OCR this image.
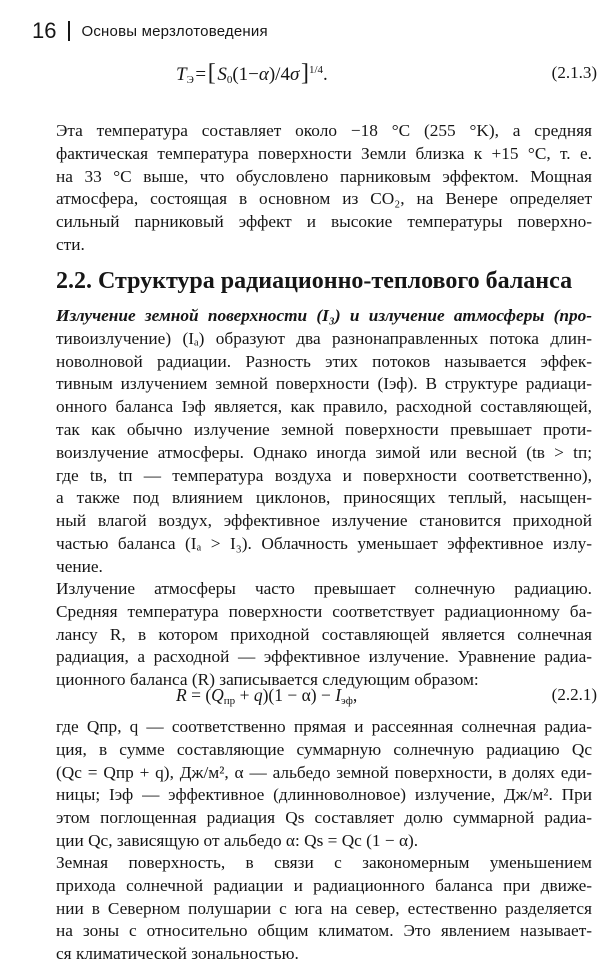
16 Основы мерзлотоведения
$T_Э$ = [ $S_0(1-\alpha)/4\sigma$ ]$^{1/4}$.	(2.1.3)
Эта температура составляет около −18 °C (255 °K), а средняя
фактическая температура поверхности Земли близка к +15 °C, т. е.
на 33 °C выше, что обусловлено парниковым эффектом. Мощная
атмосфера, состоящая в основном из CO₂, на Венере определяет
сильный парниковый эффект и высокие температуры поверхно-
сти.
2.2. Структура радиационно-теплового баланса
Излучение земной поверхности (I₃) и излучение атмосферы (про-
тивоизлучение) (Iₐ) образуют два разнонаправленных потока длин-
новолновой радиации. Разность этих потоков называется эффек-
тивным излучением земной поверхности (Iэф). В структуре радиаци-
онного баланса Iэф является, как правило, расходной составляющей,
так как обычно излучение земной поверхности превышает проти-
воизлучение атмосферы. Однако иногда зимой или весной (tв > tп;
где tв, tп — температура воздуха и поверхности соответственно),
а также под влиянием циклонов, приносящих теплый, насыщен-
ный влагой воздух, эффективное излучение становится приходной
частью баланса (Iₐ > I₃). Облачность уменьшает эффективное излу-
чение.
Излучение атмосферы часто превышает солнечную радиацию.
Средняя температура поверхности соответствует радиационному ба-
лансу R, в котором приходной составляющей является солнечная
радиация, а расходной — эффективное излучение. Уравнение радиа-
ционного баланса (R) записывается следующим образом:
$R = (Q_{пр} + q)(1 - \alpha) - I_{эф}$,	(2.2.1)
где Qпр, q — соответственно прямая и рассеянная солнечная радиа-
ция, в сумме составляющие суммарную солнечную радиацию Qc
(Qc = Qпр + q), Дж/м², α — альбедо земной поверхности, в долях еди-
ницы; Iэф — эффективное (длинноволновое) излучение, Дж/м². При
этом поглощенная радиация Qs составляет долю суммарной радиа-
ции Qc, зависящую от альбедо α: Qs = Qc (1 − α).
Земная поверхность, в связи с закономерным уменьшением
прихода солнечной радиации и радиационного баланса при движе-
нии в Северном полушарии с юга на север, естественно разделяется
на зоны с относительно общим климатом. Это явлением называет-
ся климатической зональностью.
